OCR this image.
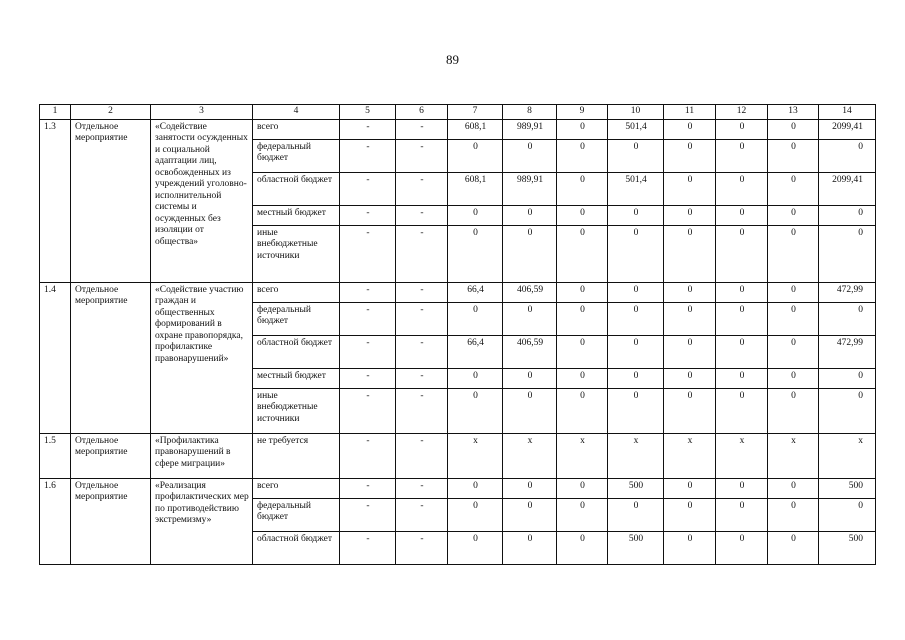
89
1	2	3	4	5	6	7	8	9	10	11	12	13	14
1.3	Отдельное мероприятие	«Содействие занятости осужденных и социальной адаптации лиц, освобожденных из учреждений уголовно-исполнительной системы и осужденных без изоляции от общества»	всего	-	-	608,1	989,91	0	501,4	0	0	0	2099,41
			федеральный бюджет	-	-	0	0	0	0	0	0	0	0
			областной бюджет	-	-	608,1	989,91	0	501,4	0	0	0	2099,41
			местный бюджет	-	-	0	0	0	0	0	0	0	0
			иные внебюджетные источники	-	-	0	0	0	0	0	0	0	0
1.4	Отдельное мероприятие	«Содействие участию граждан и общественных формирований в охране правопорядка, профилактике правонарушений»	всего	-	-	66,4	406,59	0	0	0	0	0	472,99
			федеральный бюджет	-	-	0	0	0	0	0	0	0	0
			областной бюджет	-	-	66,4	406,59	0	0	0	0	0	472,99
			местный бюджет	-	-	0	0	0	0	0	0	0	0
			иные внебюджетные источники	-	-	0	0	0	0	0	0	0	0
1.5	Отдельное мероприятие	«Профилактика правонарушений в сфере миграции»	не требуется	-	-	x	x	x	x	x	x	x	x
1.6	Отдельное мероприятие	«Реализация профилактических мер по противодействию экстремизму»	всего	-	-	0	0	0	500	0	0	0	500
			федеральный бюджет	-	-	0	0	0	0	0	0	0	0
			областной бюджет	-	-	0	0	0	500	0	0	0	500
